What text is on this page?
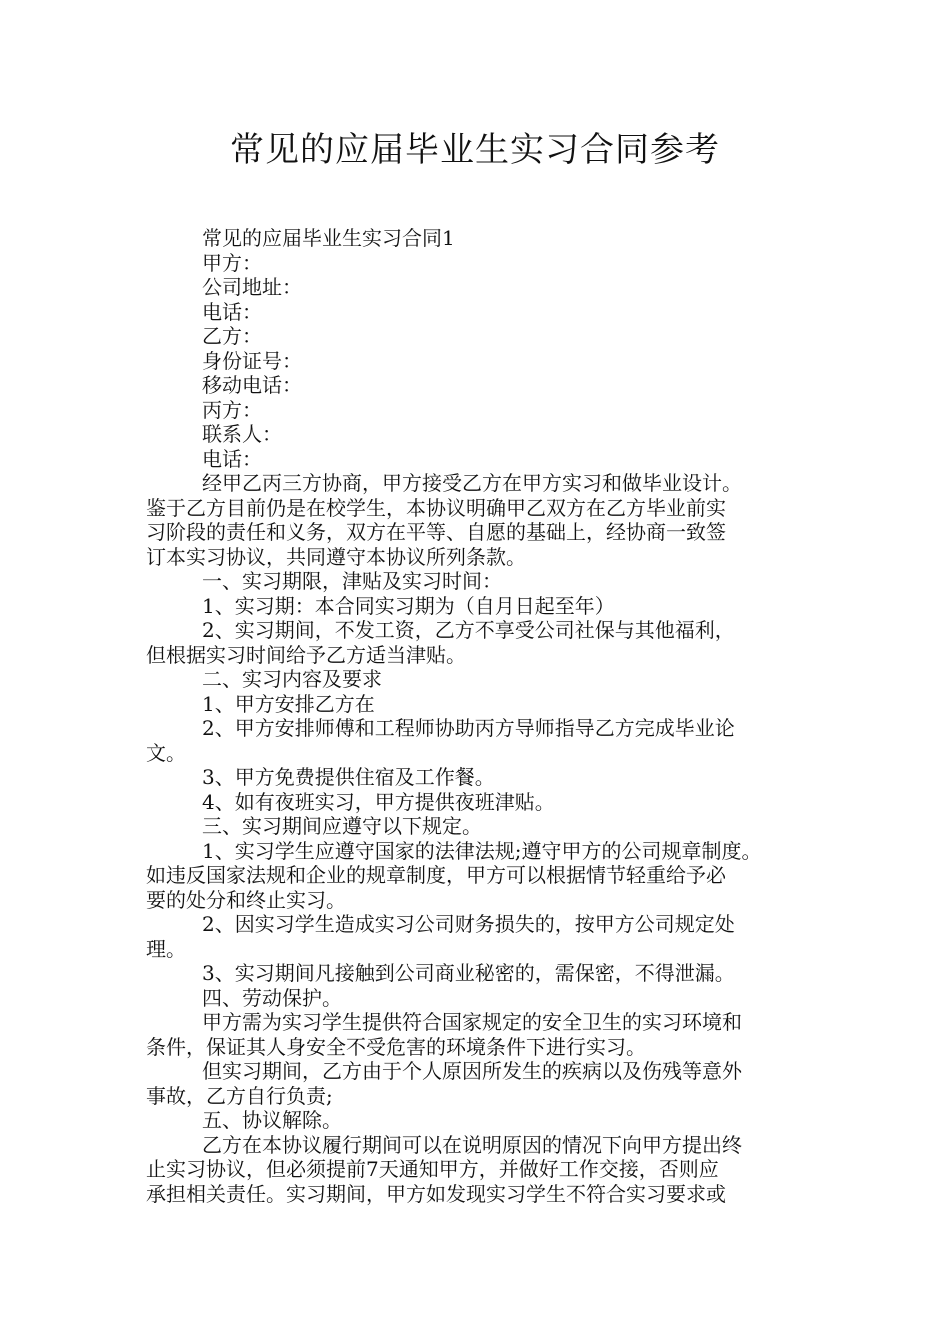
常见的应届毕业生实习合同参考

常见的应届毕业生实习合同1

甲方：

公司地址：

电话：

乙方：

身份证号：

移动电话：

丙方：

联系人：

电话：

经甲乙丙三方协商，甲方接受乙方在甲方实习和做毕业设计。

鉴于乙方目前仍是在校学生，本协议明确甲乙双方在乙方毕业前实

习阶段的责任和义务，双方在平等、自愿的基础上，经协商一致签

订本实习协议，共同遵守本协议所列条款。

一、实习期限，津贴及实习时间：

1、实习期：本合同实习期为（自月日起至年）

2、实习期间，不发工资，乙方不享受公司社保与其他福利，

但根据实习时间给予乙方适当津贴。

二、实习内容及要求

1、甲方安排乙方在

2、甲方安排师傅和工程师协助丙方导师指导乙方完成毕业论

文。

3、甲方免费提供住宿及工作餐。

4、如有夜班实习，甲方提供夜班津贴。

三、实习期间应遵守以下规定。

1、实习学生应遵守国家的法律法规;遵守甲方的公司规章制度。

如违反国家法规和企业的规章制度，甲方可以根据情节轻重给予必

要的处分和终止实习。

2、因实习学生造成实习公司财务损失的，按甲方公司规定处

理。

3、实习期间凡接触到公司商业秘密的，需保密，不得泄漏。

四、劳动保护。

甲方需为实习学生提供符合国家规定的安全卫生的实习环境和

条件，保证其人身安全不受危害的环境条件下进行实习。

但实习期间，乙方由于个人原因所发生的疾病以及伤残等意外

事故，乙方自行负责;

五、协议解除。

乙方在本协议履行期间可以在说明原因的情况下向甲方提出终

止实习协议，但必须提前7天通知甲方，并做好工作交接，否则应

承担相关责任。实习期间，甲方如发现实习学生不符合实习要求或
